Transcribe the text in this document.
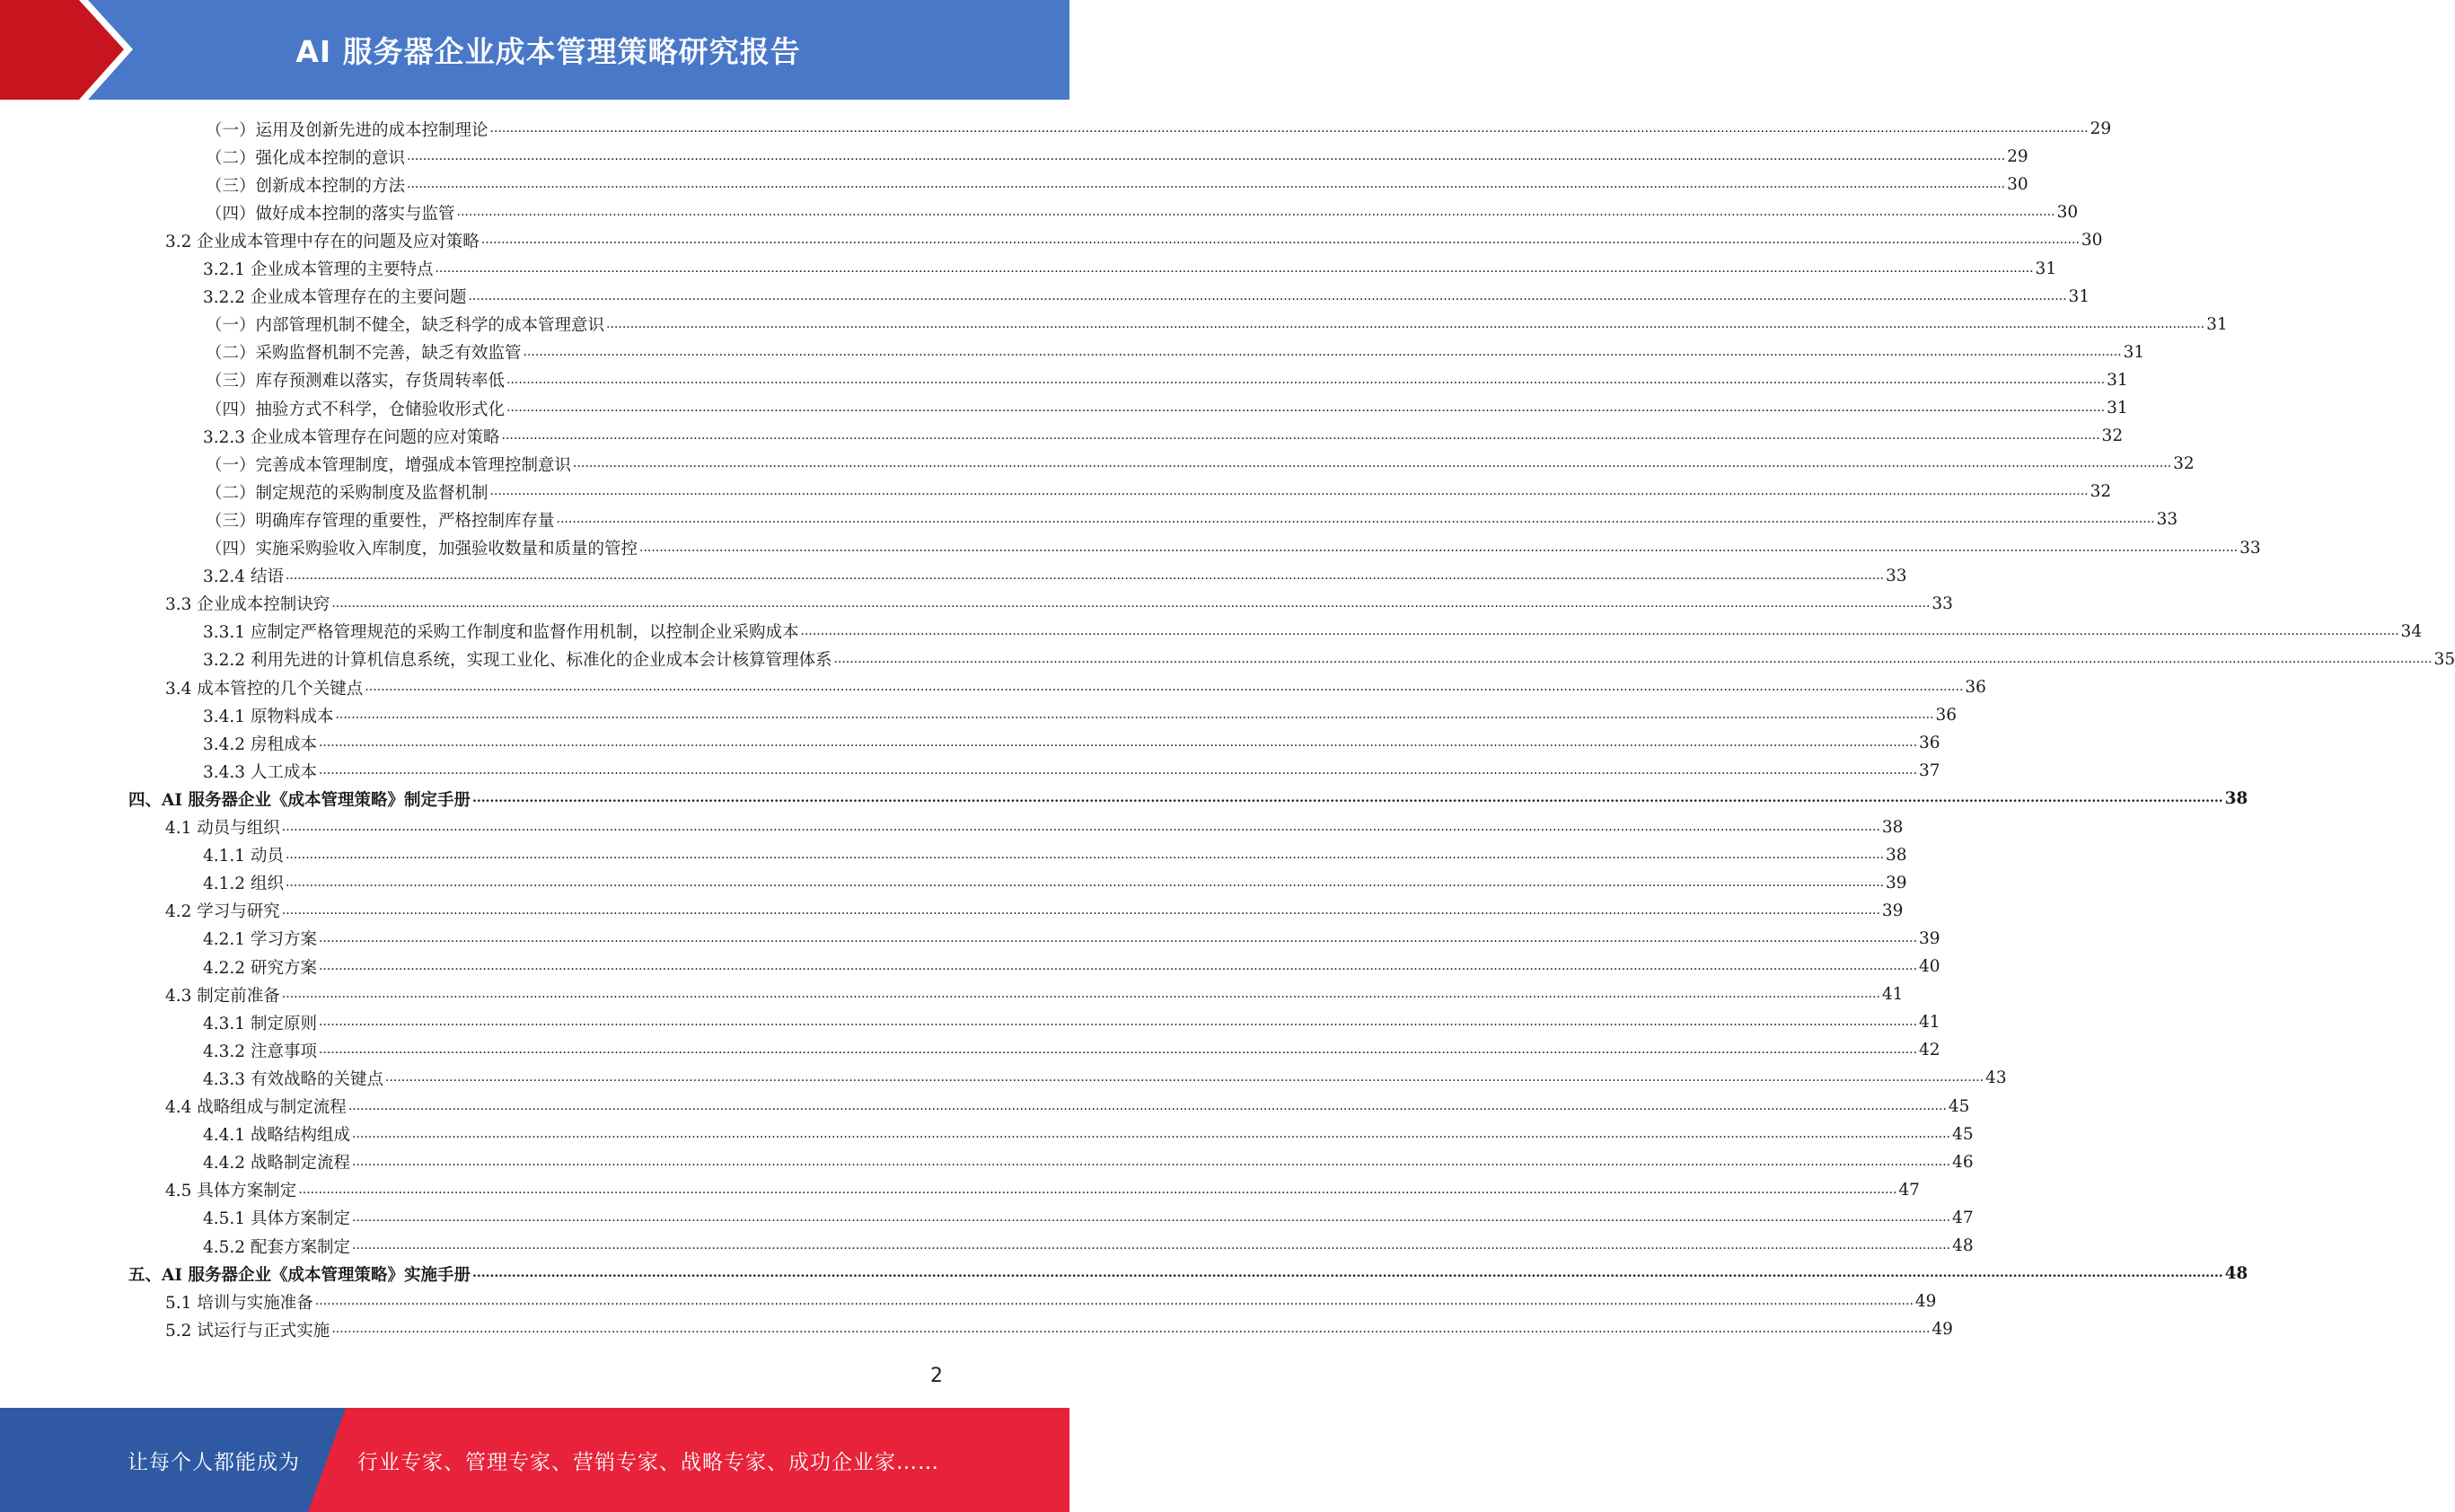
AI 服务器企业成本管理策略研究报告
（一）运用及创新先进的成本控制理论 ................................................................................................................................................................................................................................................................................................................................................................................................................ 29
（二）强化成本控制的意识 ................................................................................................................................................................................................................................................................................................................................................................................................................ 29
（三）创新成本控制的方法 ................................................................................................................................................................................................................................................................................................................................................................................................................ 30
（四）做好成本控制的落实与监管 ................................................................................................................................................................................................................................................................................................................................................................................................................ 30
3.2 企业成本管理中存在的问题及应对策略 ................................................................................................................................................................................................................................................................................................................................................................................................................ 30
3.2.1 企业成本管理的主要特点 ................................................................................................................................................................................................................................................................................................................................................................................................................ 31
3.2.2 企业成本管理存在的主要问题 ................................................................................................................................................................................................................................................................................................................................................................................................................ 31
（一）内部管理机制不健全，缺乏科学的成本管理意识 ................................................................................................................................................................................................................................................................................................................................................................................................................ 31
（二）采购监督机制不完善，缺乏有效监管 ................................................................................................................................................................................................................................................................................................................................................................................................................ 31
（三）库存预测难以落实，存货周转率低 ................................................................................................................................................................................................................................................................................................................................................................................................................ 31
（四）抽验方式不科学，仓储验收形式化 ................................................................................................................................................................................................................................................................................................................................................................................................................ 31
3.2.3 企业成本管理存在问题的应对策略 ................................................................................................................................................................................................................................................................................................................................................................................................................ 32
（一）完善成本管理制度，增强成本管理控制意识 ................................................................................................................................................................................................................................................................................................................................................................................................................ 32
（二）制定规范的采购制度及监督机制 ................................................................................................................................................................................................................................................................................................................................................................................................................ 32
（三）明确库存管理的重要性，严格控制库存量 ................................................................................................................................................................................................................................................................................................................................................................................................................ 33
（四）实施采购验收入库制度，加强验收数量和质量的管控 ................................................................................................................................................................................................................................................................................................................................................................................................................ 33
3.2.4 结语 ................................................................................................................................................................................................................................................................................................................................................................................................................ 33
3.3 企业成本控制诀窍 ................................................................................................................................................................................................................................................................................................................................................................................................................ 33
3.3.1 应制定严格管理规范的采购工作制度和监督作用机制，以控制企业采购成本 ................................................................................................................................................................................................................................................................................................................................................................................................................ 34
3.2.2 利用先进的计算机信息系统，实现工业化、标准化的企业成本会计核算管理体系 ................................................................................................................................................................................................................................................................................................................................................................................................................ 35
3.4 成本管控的几个关键点 ................................................................................................................................................................................................................................................................................................................................................................................................................ 36
3.4.1 原物料成本 ................................................................................................................................................................................................................................................................................................................................................................................................................ 36
3.4.2 房租成本 ................................................................................................................................................................................................................................................................................................................................................................................................................ 36
3.4.3 人工成本 ................................................................................................................................................................................................................................................................................................................................................................................................................ 37
四、AI 服务器企业《成本管理策略》制定手册 ................................................................................................................................................................................................................................................................................................................................................................................................................ 38
4.1 动员与组织 ................................................................................................................................................................................................................................................................................................................................................................................................................ 38
4.1.1 动员 ................................................................................................................................................................................................................................................................................................................................................................................................................ 38
4.1.2 组织 ................................................................................................................................................................................................................................................................................................................................................................................................................ 39
4.2 学习与研究 ................................................................................................................................................................................................................................................................................................................................................................................................................ 39
4.2.1 学习方案 ................................................................................................................................................................................................................................................................................................................................................................................................................ 39
4.2.2 研究方案 ................................................................................................................................................................................................................................................................................................................................................................................................................ 40
4.3 制定前准备 ................................................................................................................................................................................................................................................................................................................................................................................................................ 41
4.3.1 制定原则 ................................................................................................................................................................................................................................................................................................................................................................................................................ 41
4.3.2 注意事项 ................................................................................................................................................................................................................................................................................................................................................................................................................ 42
4.3.3 有效战略的关键点 ................................................................................................................................................................................................................................................................................................................................................................................................................ 43
4.4 战略组成与制定流程 ................................................................................................................................................................................................................................................................................................................................................................................................................ 45
4.4.1 战略结构组成 ................................................................................................................................................................................................................................................................................................................................................................................................................ 45
4.4.2 战略制定流程 ................................................................................................................................................................................................................................................................................................................................................................................................................ 46
4.5 具体方案制定 ................................................................................................................................................................................................................................................................................................................................................................................................................ 47
4.5.1 具体方案制定 ................................................................................................................................................................................................................................................................................................................................................................................................................ 47
4.5.2 配套方案制定 ................................................................................................................................................................................................................................................................................................................................................................................................................ 48
五、AI 服务器企业《成本管理策略》实施手册 ................................................................................................................................................................................................................................................................................................................................................................................................................ 48
5.1 培训与实施准备 ................................................................................................................................................................................................................................................................................................................................................................................................................ 49
5.2 试运行与正式实施 ................................................................................................................................................................................................................................................................................................................................................................................................................ 49
2
让每个人都能成为	行业专家、管理专家、营销专家、战略专家、成功企业家……
